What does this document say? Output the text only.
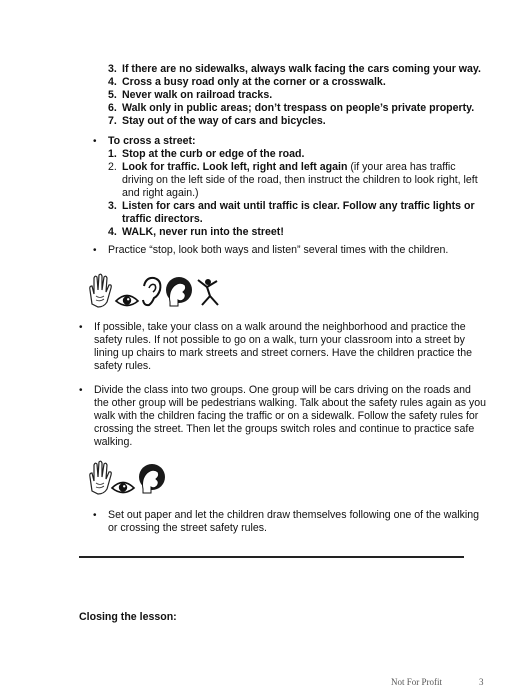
3. If there are no sidewalks, always walk facing the cars coming your way.
4. Cross a busy road only at the corner or a crosswalk.
5. Never walk on railroad tracks.
6. Walk only in public areas; don’t trespass on people’s private property.
7. Stay out of the way of cars and bicycles.
• To cross a street:
1. Stop at the curb or edge of the road.
2. Look for traffic. Look left, right and left again (if your area has traffic driving on the left side of the road, then instruct the children to look right, left and right again.)
3. Listen for cars and wait until traffic is clear. Follow any traffic lights or traffic directors.
4. WALK, never run into the street!
• Practice “stop, look both ways and listen” several times with the children.
• If possible, take your class on a walk around the neighborhood and practice the safety rules. If not possible to go on a walk, turn your classroom into a street by lining up chairs to mark streets and street corners. Have the children practice the safety rules.
• Divide the class into two groups. One group will be cars driving on the roads and the other group will be pedestrians walking. Talk about the safety rules again as you walk with the children facing the traffic or on a sidewalk. Follow the safety rules for crossing the street. Then let the groups switch roles and continue to practice safe walking.
• Set out paper and let the children draw themselves following one of the walking or crossing the street safety rules.
Closing the lesson:
Not For Profit	3
